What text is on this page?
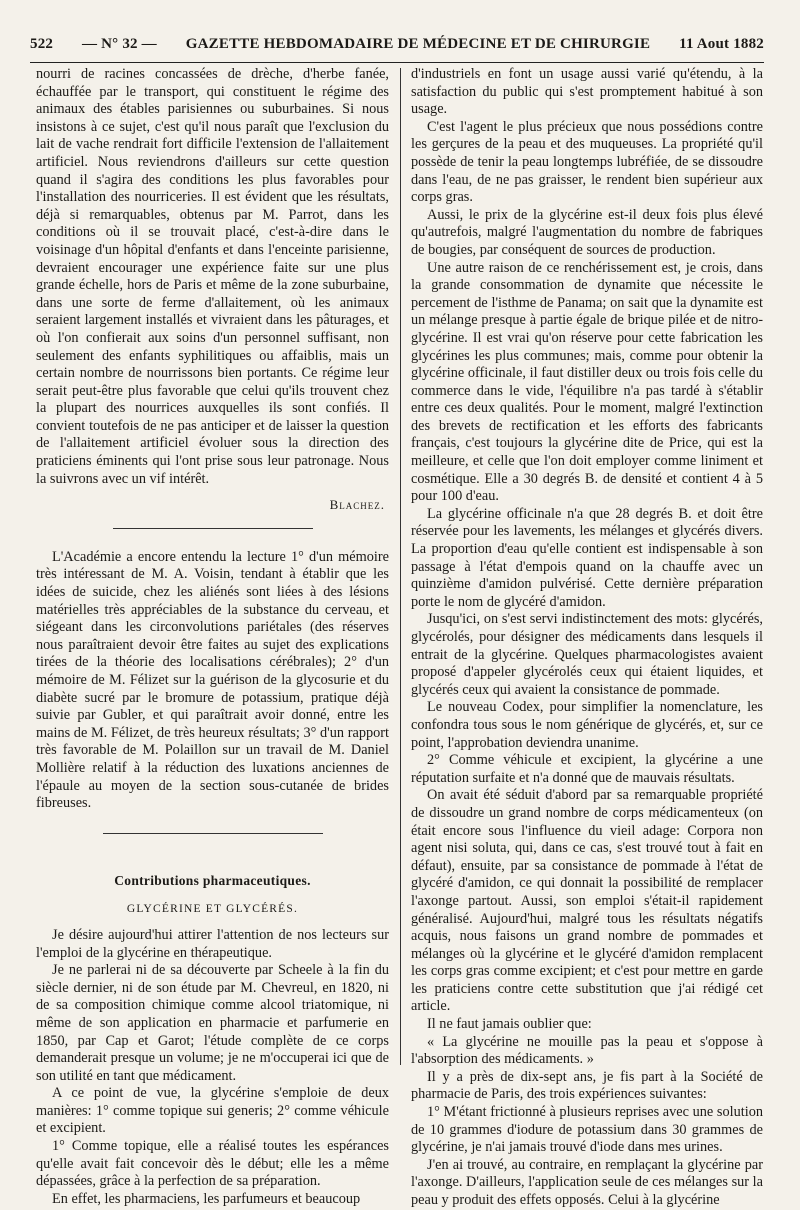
522 — N° 32 — GAZETTE HEBDOMADAIRE DE MÉDECINE ET DE CHIRURGIE 11 Aout 1882

nourri de racines concassées de drèche, d'herbe fanée, échauffée par le transport, qui constituent le régime des animaux des étables parisiennes ou suburbaines. Si nous insistons à ce sujet, c'est qu'il nous paraît que l'exclusion du lait de vache rendrait fort difficile l'extension de l'allaitement artificiel. Nous reviendrons d'ailleurs sur cette question quand il s'agira des conditions les plus favorables pour l'installation des nourriceries. Il est évident que les résultats, déjà si remarquables, obtenus par M. Parrot, dans les conditions où il se trouvait placé, c'est-à-dire dans le voisinage d'un hôpital d'enfants et dans l'enceinte parisienne, devraient encourager une expérience faite sur une plus grande échelle, hors de Paris et même de la zone suburbaine, dans une sorte de ferme d'allaitement, où les animaux seraient largement installés et vivraient dans les pâturages, et où l'on confierait aux soins d'un personnel suffisant, non seulement des enfants syphilitiques ou affaiblis, mais un certain nombre de nourrissons bien portants. Ce régime leur serait peut-être plus favorable que celui qu'ils trouvent chez la plupart des nourrices auxquelles ils sont confiés. Il convient toutefois de ne pas anticiper et de laisser la question de l'allaitement artificiel évoluer sous la direction des praticiens éminents qui l'ont prise sous leur patronage. Nous la suivrons avec un vif intérêt.

Blachez.

L'Académie a encore entendu la lecture 1° d'un mémoire très intéressant de M. A. Voisin, tendant à établir que les idées de suicide, chez les aliénés sont liées à des lésions matérielles très appréciables de la substance du cerveau, et siégeant dans les circonvolutions pariétales (des réserves nous paraîtraient devoir être faites au sujet des explications tirées de la théorie des localisations cérébrales); 2° d'un mémoire de M. Félizet sur la guérison de la glycosurie et du diabète sucré par le bromure de potassium, pratique déjà suivie par Gubler, et qui paraîtrait avoir donné, entre les mains de M. Félizet, de très heureux résultats; 3° d'un rapport très favorable de M. Polaillon sur un travail de M. Daniel Mollière relatif à la réduction des luxations anciennes de l'épaule au moyen de la section sous-cutanée de brides fibreuses.

Contributions pharmaceutiques.
GLYCÉRINE ET GLYCÉRÉS.

Je désire aujourd'hui attirer l'attention de nos lecteurs sur l'emploi de la glycérine en thérapeutique.

Je ne parlerai ni de sa découverte par Scheele à la fin du siècle dernier, ni de son étude par M. Chevreul, en 1820, ni de sa composition chimique comme alcool triatomique, ni même de son application en pharmacie et parfumerie en 1850, par Cap et Garot; l'étude complète de ce corps demanderait presque un volume; je ne m'occuperai ici que de son utilité en tant que médicament.

A ce point de vue, la glycérine s'emploie de deux manières: 1° comme topique sui generis; 2° comme véhicule et excipient.

1° Comme topique, elle a réalisé toutes les espérances qu'elle avait fait concevoir dès le début; elle les a même dépassées, grâce à la perfection de sa préparation.

En effet, les pharmaciens, les parfumeurs et beaucoup

d'industriels en font un usage aussi varié qu'étendu, à la satisfaction du public qui s'est promptement habitué à son usage.

C'est l'agent le plus précieux que nous possédions contre les gerçures de la peau et des muqueuses. La propriété qu'il possède de tenir la peau longtemps lubréfiée, de se dissoudre dans l'eau, de ne pas graisser, le rendent bien supérieur aux corps gras.

Aussi, le prix de la glycérine est-il deux fois plus élevé qu'autrefois, malgré l'augmentation du nombre de fabriques de bougies, par conséquent de sources de production.

Une autre raison de ce renchérissement est, je crois, dans la grande consommation de dynamite que nécessite le percement de l'isthme de Panama; on sait que la dynamite est un mélange presque à partie égale de brique pilée et de nitro-glycérine. Il est vrai qu'on réserve pour cette fabrication les glycérines les plus communes; mais, comme pour obtenir la glycérine officinale, il faut distiller deux ou trois fois celle du commerce dans le vide, l'équilibre n'a pas tardé à s'établir entre ces deux qualités. Pour le moment, malgré l'extinction des brevets de rectification et les efforts des fabricants français, c'est toujours la glycérine dite de Price, qui est la meilleure, et celle que l'on doit employer comme liniment et cosmétique. Elle a 30 degrés B. de densité et contient 4 à 5 pour 100 d'eau.

La glycérine officinale n'a que 28 degrés B. et doit être réservée pour les lavements, les mélanges et glycérés divers. La proportion d'eau qu'elle contient est indispensable à son passage à l'état d'empois quand on la chauffe avec un quinzième d'amidon pulvérisé. Cette dernière préparation porte le nom de glycéré d'amidon.

Jusqu'ici, on s'est servi indistinctement des mots: glycérés, glycérolés, pour désigner des médicaments dans lesquels il entrait de la glycérine. Quelques pharmacologistes avaient proposé d'appeler glycérolés ceux qui étaient liquides, et glycérés ceux qui avaient la consistance de pommade.

Le nouveau Codex, pour simplifier la nomenclature, les confondra tous sous le nom générique de glycérés, et, sur ce point, l'approbation deviendra unanime.

2° Comme véhicule et excipient, la glycérine a une réputation surfaite et n'a donné que de mauvais résultats.

On avait été séduit d'abord par sa remarquable propriété de dissoudre un grand nombre de corps médicamenteux (on était encore sous l'influence du vieil adage: Corpora non agent nisi soluta, qui, dans ce cas, s'est trouvé tout à fait en défaut), ensuite, par sa consistance de pommade à l'état de glycéré d'amidon, ce qui donnait la possibilité de remplacer l'axonge partout. Aussi, son emploi s'était-il rapidement généralisé. Aujourd'hui, malgré tous les résultats négatifs acquis, nous faisons un grand nombre de pommades et mélanges où la glycérine et le glycéré d'amidon remplacent les corps gras comme excipient; et c'est pour mettre en garde les praticiens contre cette substitution que j'ai rédigé cet article.

Il ne faut jamais oublier que:

« La glycérine ne mouille pas la peau et s'oppose à l'absorption des médicaments. »

Il y a près de dix-sept ans, je fis part à la Société de pharmacie de Paris, des trois expériences suivantes:

1° M'étant frictionné à plusieurs reprises avec une solution de 10 grammes d'iodure de potassium dans 30 grammes de glycérine, je n'ai jamais trouvé d'iode dans mes urines.

J'en ai trouvé, au contraire, en remplaçant la glycérine par l'axonge. D'ailleurs, l'application seule de ces mélanges sur la peau y produit des effets opposés. Celui à la glycérine
